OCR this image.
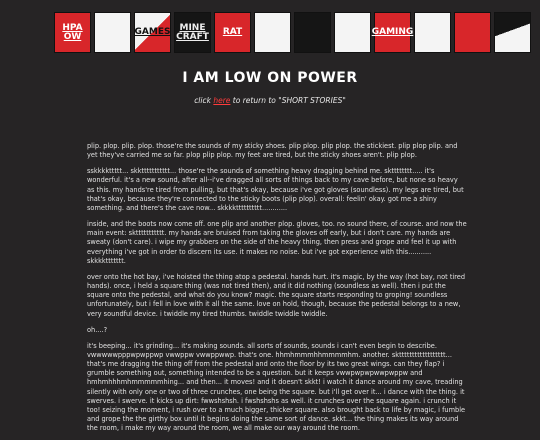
HPA OW	GAMES	MINE CRAFT RAT	GAMING
I AM LOW ON POWER
click here to return to "SHORT STORIES"

plip. plop. plip. plop. those're the sounds of my sticky shoes. plip plop. plip plop. the stickiest. plip plop plip. and yet they've carried me so far. plop plip plop. my feet are tired, but the sticky shoes aren't. plip plop.

sskkkkttttt... skkttttttttttt... those're the sounds of something heavy dragging behind me. sktttttttt..... it's wonderful. it's a new sound, after all--i've dragged all sorts of things back to my cave before, but none so heavy as this. my hands're tired from pulling, but that's okay, because i've got gloves (soundless). my legs are tired, but that's okay, because they're connected to the sticky boots (plip plop). overall: feelin' okay. got me a shiny something. and there's the cave now... skkkktttttttttt............

inside, and the boots now come off. one plip and another plop. gloves, too. no sound there, of course. and now the main event: skttttttttttt. my hands are bruised from taking the gloves off early, but i don't care. my hands are sweaty (don't care). i wipe my grabbers on the side of the heavy thing, then press and grope and feel it up with everything i've got in order to discern its use. it makes no noise. but i've got experience with this........... skkkkttttttt.

over onto the hot bay, i've hoisted the thing atop a pedestal. hands hurt. it's magic, by the way (hot bay, not tired hands). once, i held a square thing (was not tired then), and it did nothing (soundless as well). then i put the square onto the pedestal, and what do you know? magic. the square starts responding to groping! soundless unfortunately, but i fell in love with it all the same. love on hold, though, because the pedestal belongs to a new, very soundful device. i twiddle my tired thumbs. twiddle twiddle twiddle.

oh....?

it's beeping... it's grinding... it's making sounds. all sorts of sounds, sounds i can't even begin to describe. vwwwwwpppwpwppwp vwwppw vwwppwwp. that's one. hhmhmmmhhmmmmhm. another. sktttttttttttttttttt... that's me dragging the thing off from the pedestal and onto the floor by its two great wings. can they flap? i grumble something out, something intended to be a question. but it keeps vwwpwpwpwwpwppw and hmhmhhhmhmmmmmhing... and then... it moves! and it doesn't skkt! i watch it dance around my cave, treading silently with only one or two of three crunches, one being the square. but i'll get over it... i dance with the thing. it swerves. i swerve. it kicks up dirt: fwwshshsh. i fwshshshs as well. it crunches over the square again. i crunch it too! seizing the moment, i rush over to a much bigger, thicker square. also brought back to life by magic, i fumble and grope the the girthy box until it begins doing the same sort of dance. skkt... the thing makes its way around the room, i make my way around the room, we all make our way around the room.
